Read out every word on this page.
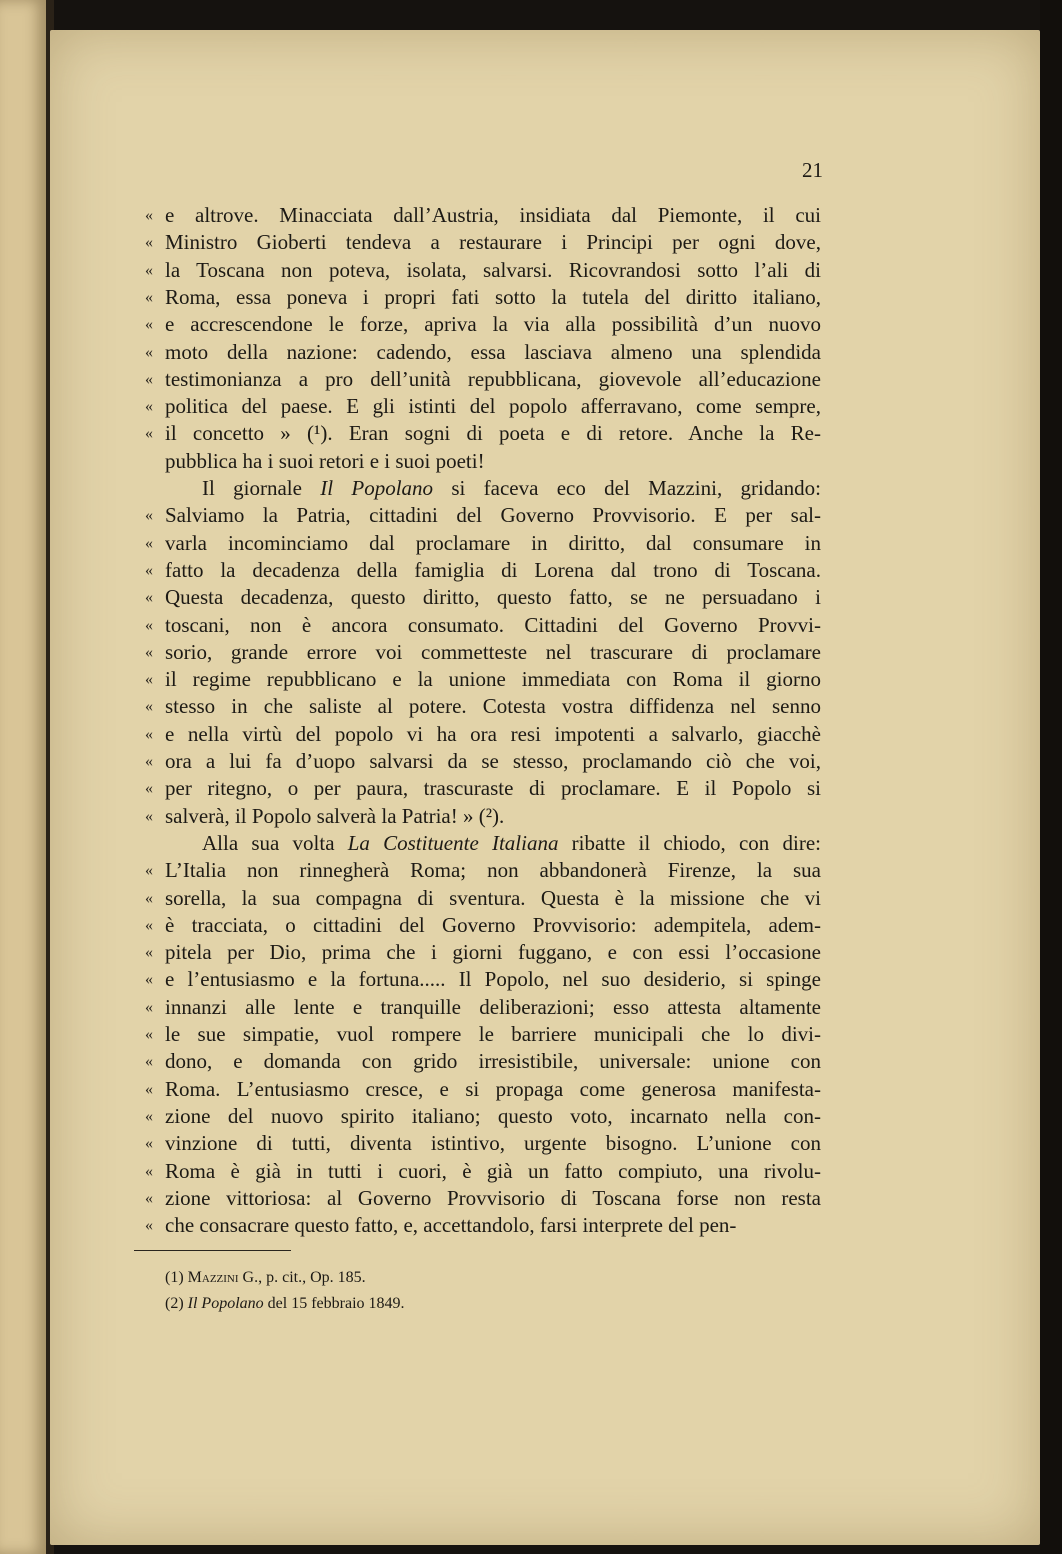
21
« e altrove. Minacciata dall’Austria, insidiata dal Piemonte, il cui
« Ministro Gioberti tendeva a restaurare i Principi per ogni dove,
« la Toscana non poteva, isolata, salvarsi. Ricovrandosi sotto l’ali di
« Roma, essa poneva i propri fati sotto la tutela del diritto italiano,
« e accrescendone le forze, apriva la via alla possibilità d’un nuovo
« moto della nazione: cadendo, essa lasciava almeno una splendida
« testimonianza a pro dell’unità repubblicana, giovevole all’educazione
« politica del paese. E gli istinti del popolo afferravano, come sempre,
« il concetto » (¹). Eran sogni di poeta e di retore. Anche la Re-
pubblica ha i suoi retori e i suoi poeti!
Il giornale Il Popolano si faceva eco del Mazzini, gridando:
« Salviamo la Patria, cittadini del Governo Provvisorio. E per sal-
« varla incominciamo dal proclamare in diritto, dal consumare in
« fatto la decadenza della famiglia di Lorena dal trono di Toscana.
« Questa decadenza, questo diritto, questo fatto, se ne persuadano i
« toscani, non è ancora consumato. Cittadini del Governo Provvi-
« sorio, grande errore voi commetteste nel trascurare di proclamare
« il regime repubblicano e la unione immediata con Roma il giorno
« stesso in che saliste al potere. Cotesta vostra diffidenza nel senno
« e nella virtù del popolo vi ha ora resi impotenti a salvarlo, giacchè
« ora a lui fa d’uopo salvarsi da se stesso, proclamando ciò che voi,
« per ritegno, o per paura, trascuraste di proclamare. E il Popolo si
« salverà, il Popolo salverà la Patria! » (²).
Alla sua volta La Costituente Italiana ribatte il chiodo, con dire:
« L’Italia non rinnegherà Roma; non abbandonerà Firenze, la sua
« sorella, la sua compagna di sventura. Questa è la missione che vi
« è tracciata, o cittadini del Governo Provvisorio: adempitela, adem-
« pitela per Dio, prima che i giorni fuggano, e con essi l’occasione
« e l’entusiasmo e la fortuna..... Il Popolo, nel suo desiderio, si spinge
« innanzi alle lente e tranquille deliberazioni; esso attesta altamente
« le sue simpatie, vuol rompere le barriere municipali che lo divi-
« dono, e domanda con grido irresistibile, universale: unione con
« Roma. L’entusiasmo cresce, e si propaga come generosa manifesta-
« zione del nuovo spirito italiano; questo voto, incarnato nella con-
« vinzione di tutti, diventa istintivo, urgente bisogno. L’unione con
« Roma è già in tutti i cuori, è già un fatto compiuto, una rivolu-
« zione vittoriosa: al Governo Provvisorio di Toscana forse non resta
« che consacrare questo fatto, e, accettandolo, farsi interprete del pen-
(1) Mazzini G., p. cit., Op. 185.
(2) Il Popolano del 15 febbraio 1849.
